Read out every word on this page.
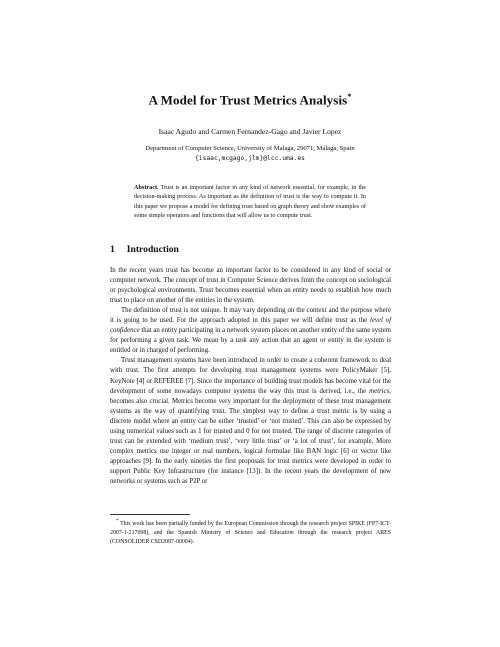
A Model for Trust Metrics Analysis*
Isaac Agudo and Carmen Fernandez-Gago and Javier Lopez
Department of Computer Science, University of Malaga, 29071, Málaga, Spain
{isaac,mcgago,jlm}@lcc.uma.es
Abstract. Trust is an important factor in any kind of network essential, for example, in the decision-making process. As important as the definition of trust is the way to compute it. In this paper we propose a model for defining trust based on graph theory and show examples of some simple operators and functions that will allow us to compute trust.
1 Introduction

In the recent years trust has become an important factor to be considered in any kind of social or computer network. The concept of trust in Computer Science derives from the concept on sociological or psychological environments. Trust becomes essential when an entity needs to establish how much trust to place on another of the entities in the system.

The definition of trust is not unique. It may vary depending on the context and the purpose where it is going to be used. For the approach adopted in this paper we will define trust as the level of confidence that an entity participating in a network system places on another entity of the same system for performing a given task. We mean by a task any action that an agent or entity in the system is entitled or in charged of performing.

Trust management systems have been introduced in order to create a coherent framework to deal with trust. The first attempts for developing trust management systems were PolicyMaker [5], KeyNote [4] or REFEREE [7]. Since the importance of building trust models has become vital for the development of some nowadays computer systems the way this trust is derived, i.e., the metrics, becomes also crucial. Metrics become very important for the deployment of these trust management systems as the way of quantifying trust. The simplest way to define a trust metric is by using a discrete model where an entity can be either ‘trusted’ or ‘not trusted’. This can also be expressed by using numerical values such as 1 for trusted and 0 for not trusted. The range of discrete categories of trust can be extended with ‘medium trust’, ‘very little trust’ or ‘a lot of trust’, for example. More complex metrics use integer or real numbers, logical formulae like BAN logic [6] or vector like approaches [9]. In the early nineties the first proposals for trust metrics were developed in order to support Public Key Infrastructure (for instance [13]). In the recent years the development of new networks or systems such as P2P or

* This work has been partially funded by the European Commission through the research project SPIKE (FP7-ICT-2007-1-217098), and the Spanish Ministry of Science and Education through the research project ARES (CONSOLIDER CSD2007-00004).
